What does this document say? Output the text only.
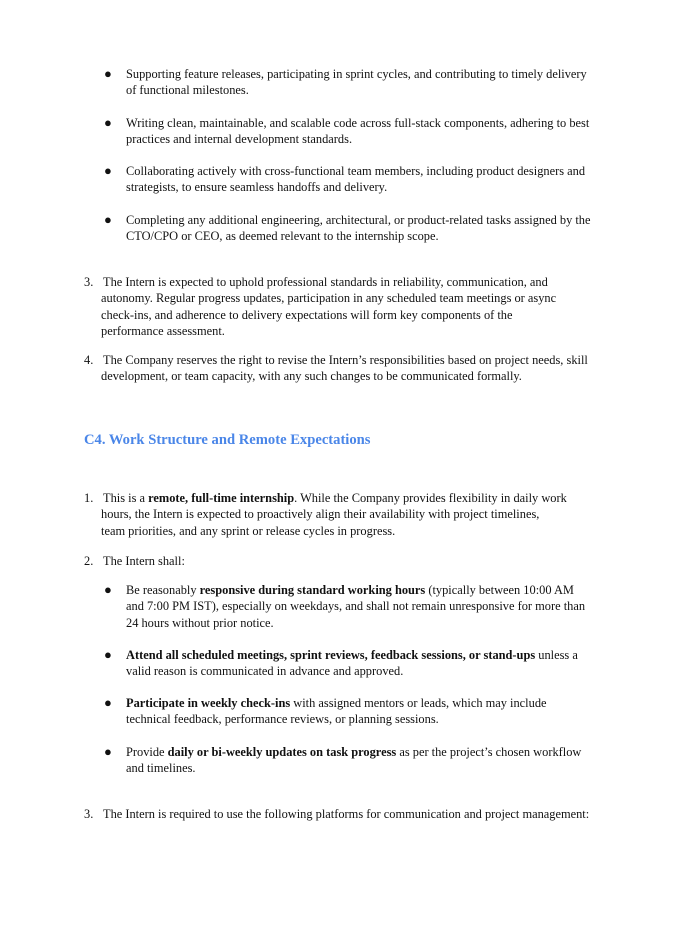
● Supporting feature releases, participating in sprint cycles, and contributing to timely delivery
of functional milestones.

● Writing clean, maintainable, and scalable code across full-stack components, adhering to best
practices and internal development standards.

● Collaborating actively with cross-functional team members, including product designers and
strategists, to ensure seamless handoffs and delivery.

● Completing any additional engineering, architectural, or product-related tasks assigned by the
CTO/CPO or CEO, as deemed relevant to the internship scope.

3. The Intern is expected to uphold professional standards in reliability, communication, and
autonomy. Regular progress updates, participation in any scheduled team meetings or async
check-ins, and adherence to delivery expectations will form key components of the
performance assessment.
4. The Company reserves the right to revise the Intern’s responsibilities based on project needs, skill
development, or team capacity, with any such changes to be communicated formally.
C4. Work Structure and Remote Expectations
1. This is a remote, full-time internship. While the Company provides flexibility in daily work
hours, the Intern is expected to proactively align their availability with project timelines,
team priorities, and any sprint or release cycles in progress.
2. The Intern shall:
● Be reasonably responsive during standard working hours (typically between 10:00 AM
and 7:00 PM IST), especially on weekdays, and shall not remain unresponsive for more than
24 hours without prior notice.

● Attend all scheduled meetings, sprint reviews, feedback sessions, or stand-ups unless a
valid reason is communicated in advance and approved.

● Participate in weekly check-ins with assigned mentors or leads, which may include
technical feedback, performance reviews, or planning sessions.

● Provide daily or bi-weekly updates on task progress as per the project’s chosen workflow
and timelines.

3. The Intern is required to use the following platforms for communication and project management:
